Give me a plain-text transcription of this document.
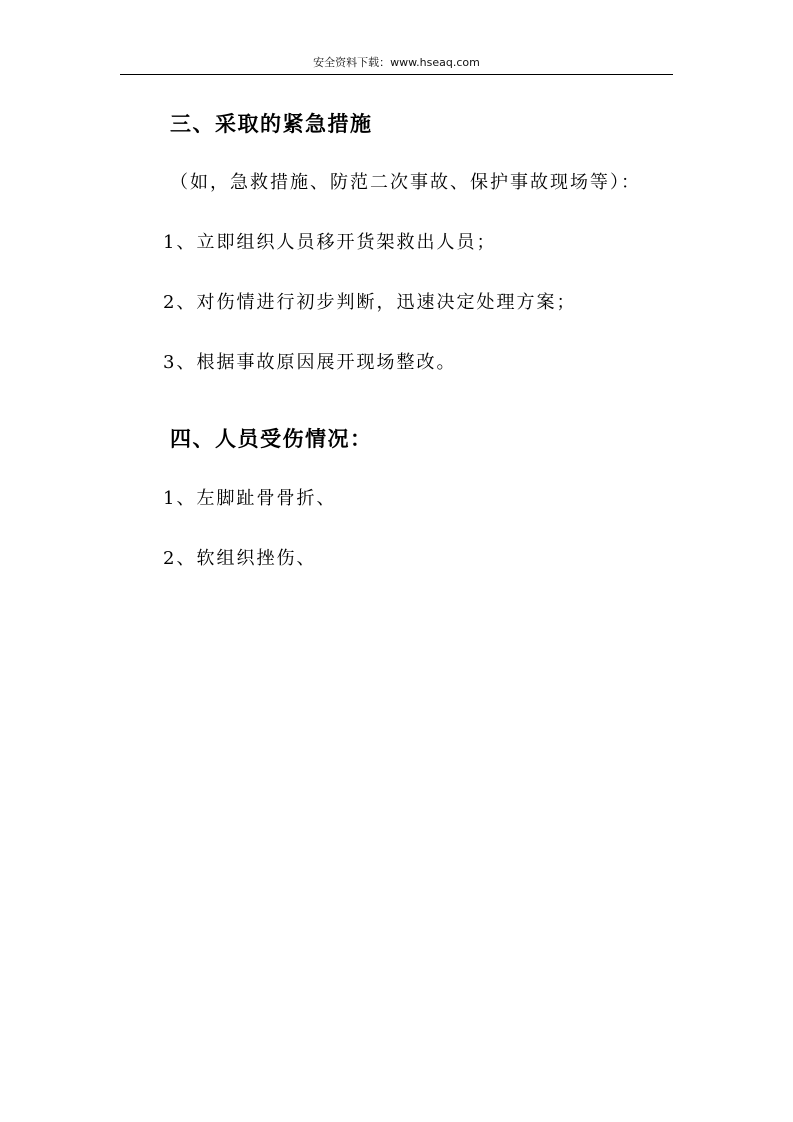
安全资料下载：www.hseaq.com
三、采取的紧急措施
（如，急救措施、防范二次事故、保护事故现场等）：
1、立即组织人员移开货架救出人员；
2、对伤情进行初步判断，迅速决定处理方案；
3、根据事故原因展开现场整改。
四、人员受伤情况：
1、左脚趾骨骨折、
2、软组织挫伤、
